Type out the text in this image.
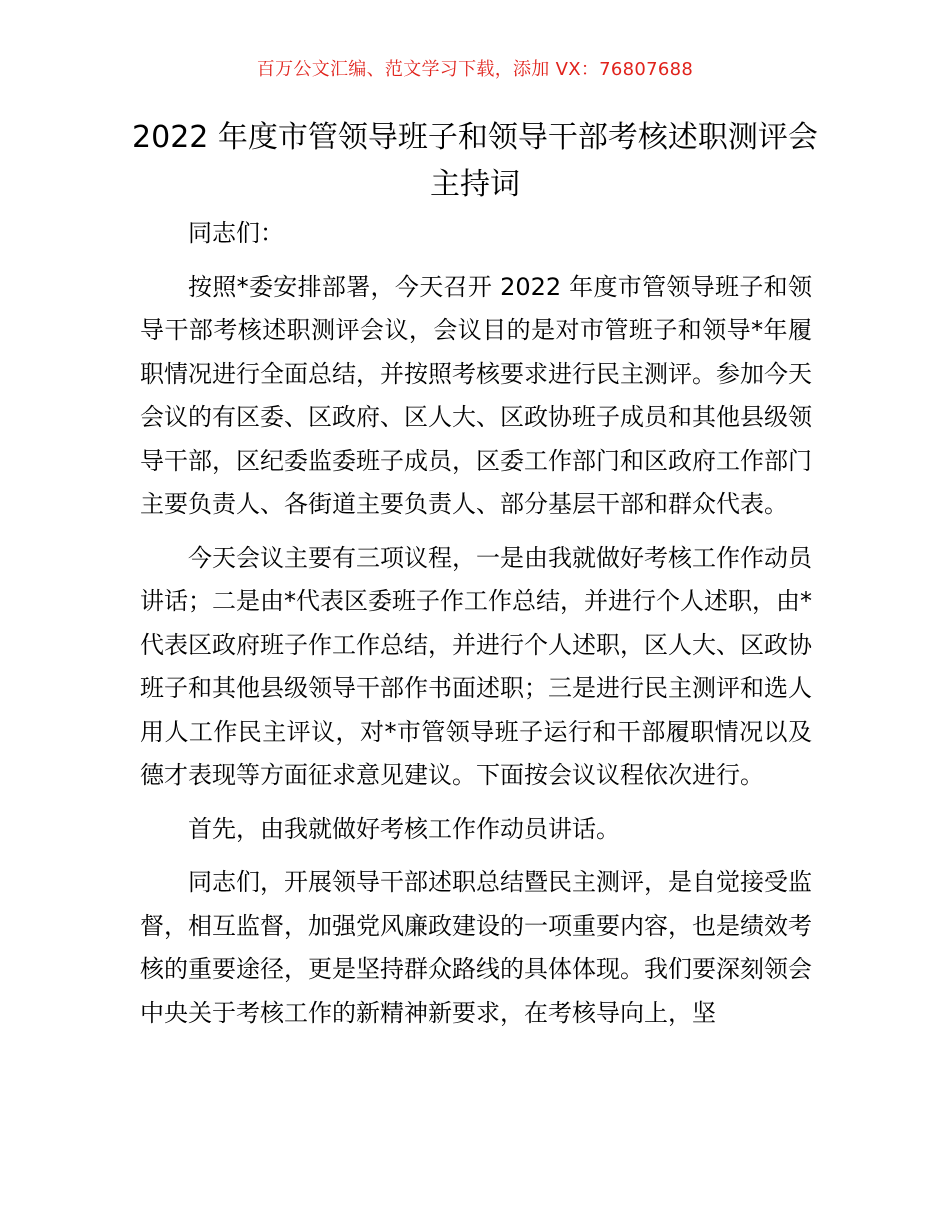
百万公文汇编、范文学习下载，添加 VX：76807688
2022 年度市管领导班子和领导干部考核述职测评会主持词

同志们：

按照*委安排部署，今天召开 2022 年度市管领导班子和领导干部考核述职测评会议，会议目的是对市管班子和领导*年履职情况进行全面总结，并按照考核要求进行民主测评。参加今天会议的有区委、区政府、区人大、区政协班子成员和其他县级领导干部，区纪委监委班子成员，区委工作部门和区政府工作部门主要负责人、各街道主要负责人、部分基层干部和群众代表。

今天会议主要有三项议程，一是由我就做好考核工作作动员讲话；二是由*代表区委班子作工作总结，并进行个人述职，由*代表区政府班子作工作总结，并进行个人述职，区人大、区政协班子和其他县级领导干部作书面述职；三是进行民主测评和选人用人工作民主评议，对*市管领导班子运行和干部履职情况以及德才表现等方面征求意见建议。下面按会议议程依次进行。

首先，由我就做好考核工作作动员讲话。

同志们，开展领导干部述职总结暨民主测评，是自觉接受监督，相互监督，加强党风廉政建设的一项重要内容，也是绩效考核的重要途径，更是坚持群众路线的具体体现。我们要深刻领会中央关于考核工作的新精神新要求，在考核导向上，坚
